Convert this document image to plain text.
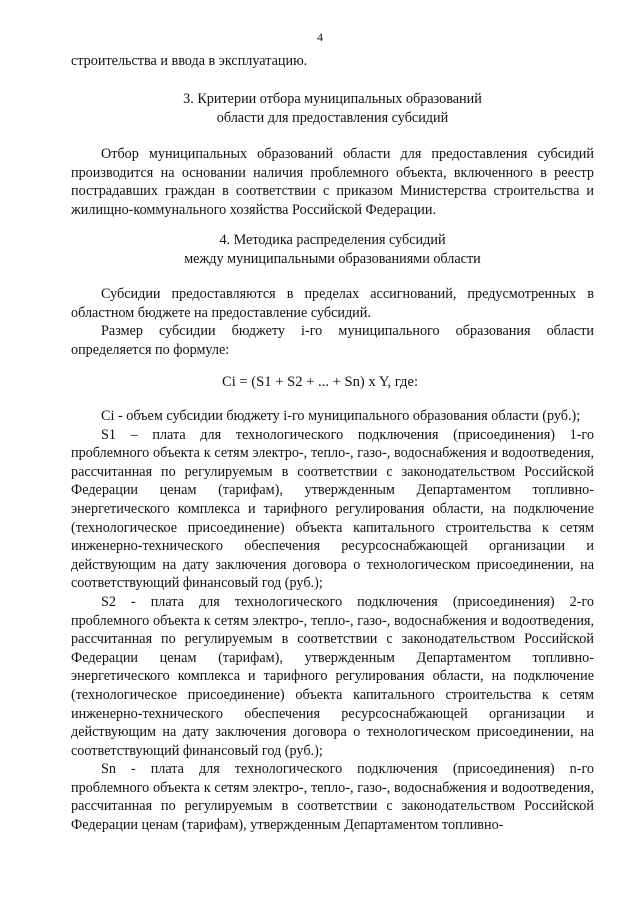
4

строительства и ввода в эксплуатацию.

3. Критерии отбора муниципальных образований

области для предоставления субсидий

Отбор муниципальных образований области для предоставления субсидий производится на основании наличия проблемного объекта, включенного в реестр пострадавших граждан в соответствии с приказом Министерства строительства и жилищно-коммунального хозяйства Российской Федерации.

4. Методика распределения субсидий

между муниципальными образованиями области

Субсидии предоставляются в пределах ассигнований, предусмотренных в областном бюджете на предоставление субсидий.

Размер субсидии бюджету i-го муниципального образования области определяется по формуле:

Ci = (S1 + S2 + ... + Sn) x Y, где:

Ci - объем субсидии бюджету i-го муниципального образования области (руб.);

S1 – плата для технологического подключения (присоединения) 1-го проблемного объекта к сетям электро-, тепло-, газо-, водоснабжения и водоотведения, рассчитанная по регулируемым в соответствии с законодательством Российской Федерации ценам (тарифам), утвержденным Департаментом топливно-энергетического комплекса и тарифного регулирования области, на подключение (технологическое присоединение) объекта капитального строительства к сетям инженерно-технического обеспечения ресурсоснабжающей организации и действующим на дату заключения договора о технологическом присоединении, на соответствующий финансовый год (руб.);

S2 - плата для технологического подключения (присоединения) 2-го проблемного объекта к сетям электро-, тепло-, газо-, водоснабжения и водоотведения, рассчитанная по регулируемым в соответствии с законодательством Российской Федерации ценам (тарифам), утвержденным Департаментом топливно-энергетического комплекса и тарифного регулирования области, на подключение (технологическое присоединение) объекта капитального строительства к сетям инженерно-технического обеспечения ресурсоснабжающей организации и действующим на дату заключения договора о технологическом присоединении, на соответствующий финансовый год (руб.);

Sn - плата для технологического подключения (присоединения) n-го проблемного объекта к сетям электро-, тепло-, газо-, водоснабжения и водоотведения, рассчитанная по регулируемым в соответствии с законодательством Российской Федерации ценам (тарифам), утвержденным Департаментом топливно-
